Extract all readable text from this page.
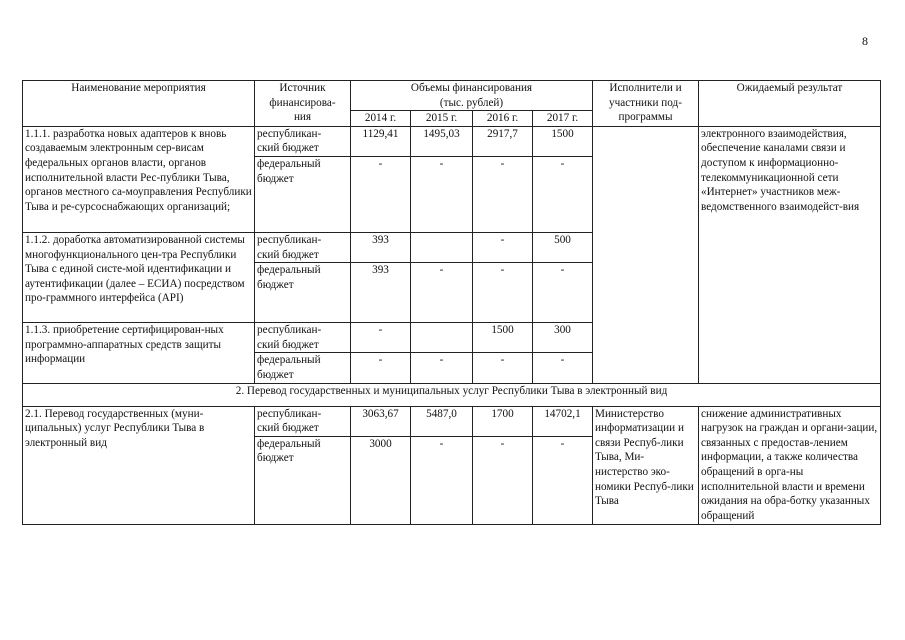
8
Наименование мероприятия	Источник
финансирова-
ния	Объемы финансирования
(тыс. рублей)				Исполнители и
участники под-
программы	Ожидаемый результат
		2014 г.	2015 г.	2016 г.	2017 г.		
1.1.1. разработка новых адаптеров к вновь создаваемым электронным сер-висам федеральных органов власти, органов исполнительной власти Рес-публики Тыва, органов местного са-моуправления Республики Тыва и ре-сурсоснабжающих организаций;	республикан-
ский бюджет	1129,41	1495,03	2917,7	1500		электронного взаимодействия, обеспечение каналами связи и доступом к информационно-телекоммуникационной сети «Интернет» участников меж-ведомственного взаимодейст-вия
	федеральный
бюджет	-	-	-	-		
1.1.2. доработка автоматизированной системы многофункционального цен-тра Республики Тыва с единой систе-мой идентификации и аутентификации (далее – ЕСИА) посредством про-граммного интерфейса (API)	республикан-
ский бюджет	393		-	500		
	федеральный
бюджет	393	-	-	-		
1.1.3. приобретение сертифицирован-ных программно-аппаратных средств защиты информации	республикан-
ский бюджет	-		1500	300		
	федеральный
бюджет	-	-	-	-		
2. Перевод государственных и муниципальных услуг Республики Тыва в электронный вид							
2.1. Перевод государственных (муни-ципальных) услуг Республики Тыва в электронный вид	республикан-
ский бюджет	3063,67	5487,0	1700	14702,1	Министерство информатизации и связи Респуб-лики Тыва, Ми-нистерство эко-номики Респуб-лики Тыва	снижение административных нагрузок на граждан и органи-зации, связанных с предостав-лением информации, а также количества обращений в орга-ны исполнительной власти и времени ожидания на обра-ботку указанных обращений
	федеральный
бюджет	3000	-	-	-		
